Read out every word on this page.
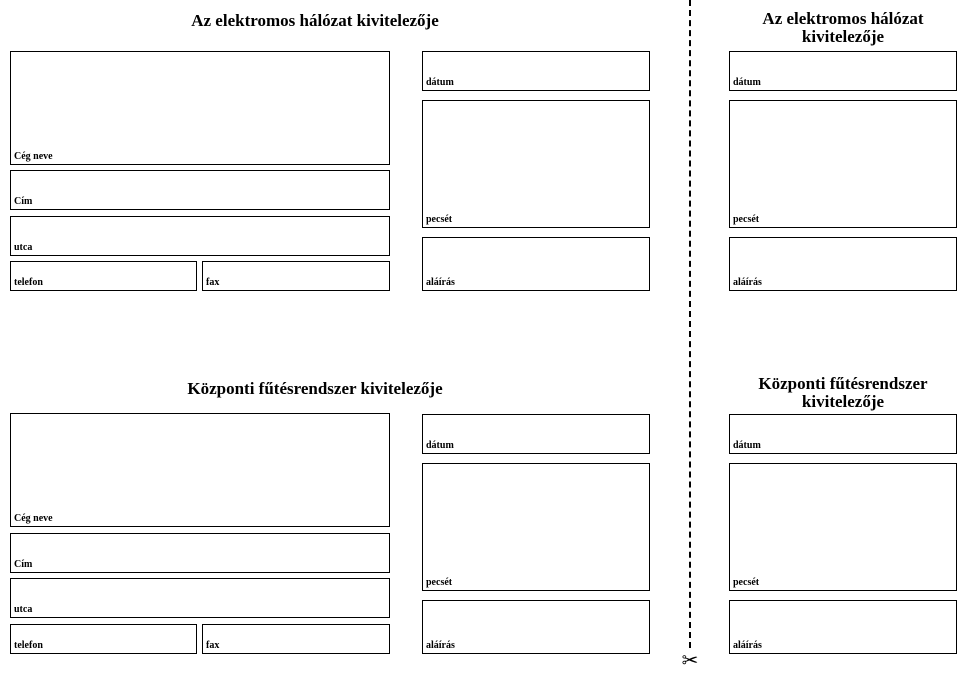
Az elektromos hálózat kivitelezője
Cég neve
Cím
utca
telefon	fax
dátum
pecsét
aláírás
Az elektromos hálózat
kivitelezője
dátum
pecsét
aláírás
Központi fűtésrendszer kivitelezője
Cég neve
Cím
utca
telefon	fax
dátum
pecsét
aláírás
Központi fűtésrendszer
kivitelezője
dátum
pecsét
aláírás
✂
